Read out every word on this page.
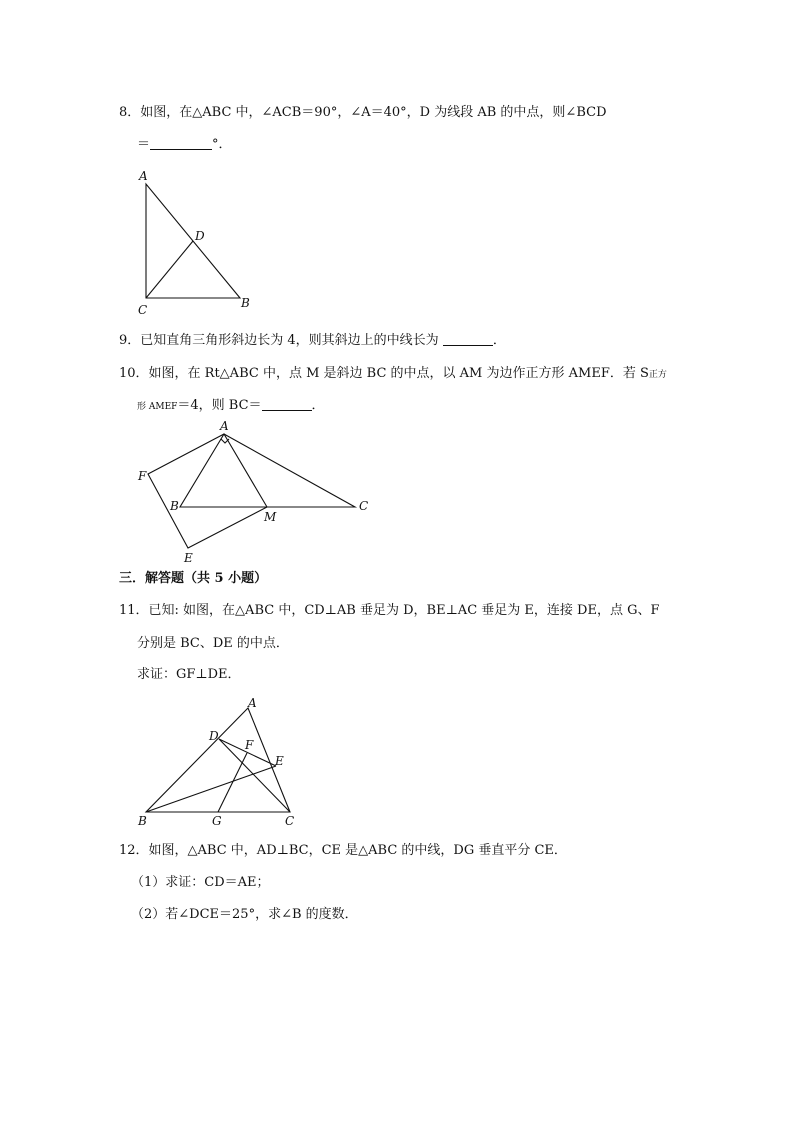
8．如图，在△ABC 中，∠ACB＝90°，∠A＝40°，D 为线段 AB 的中点，则∠BCD
＝	°．
A
D
C	B
9．已知直角三角形斜边长为 4，则其斜边上的中线长为	．
10．如图，在 Rt△ABC 中，点 M 是斜边 BC 的中点，以 AM 为边作正方形 AMEF．若 S正方
形 AMEF＝4，则 BC＝	．
A
F
B
M
C
E
三．解答题（共 5 小题）
11．已知: 如图，在△ABC 中，CD⊥AB 垂足为 D，BE⊥AC 垂足为 E，连接 DE，点 G、F
分别是 BC、DE 的中点．
求证：GF⊥DE．
A
D
F
E
B	G	C
12．如图，△ABC 中，AD⊥BC，CE 是△ABC 的中线，DG 垂直平分 CE．
（1）求证：CD＝AE；
（2）若∠DCE＝25°，求∠B 的度数．
